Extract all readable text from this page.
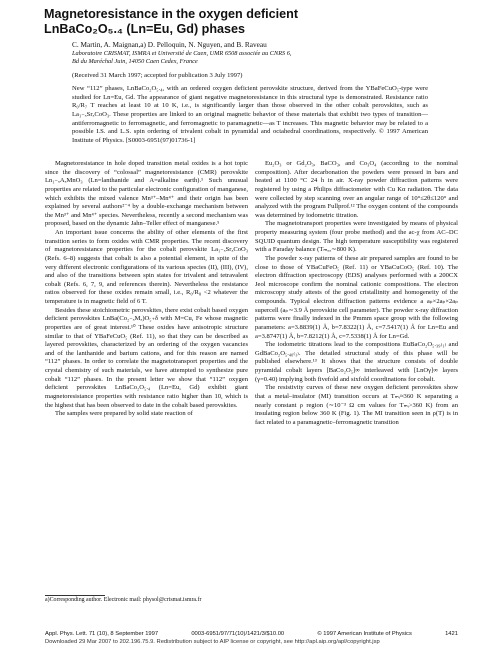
Magnetoresistance in the oxygen deficient
LnBaCo₂O₅.₄ (Ln=Eu, Gd) phases
C. Martin, A. Maignan,a) D. Pelloquin, N. Nguyen, and B. Raveau
Laboratoire CRISMAT, ISMRA et Université de Caen, UMR 6508 associée au CNRS 6,
Bd du Maréchal Juin, 14050 Caen Cedex, France
(Received 31 March 1997; accepted for publication 3 July 1997)

New “112” phases, LnBaCo₂O₅.₄, with an ordered oxygen deficient perovskite structure, derived from the YBaFeCuO₅-type were studied for Ln=Eu, Gd. The appearance of giant negative magnetoresistance in this structural type is demonstrated. Resistance ratio R₀/R₇ T reaches at least 10 at 10 K, i.e., is significantly larger than those observed in the other cobalt perovskites, such as La₁₋ₓSrₓCoO₃. These properties are linked to an original magnetic behavior of these materials that exhibit two types of transition—antiferromagnetic to ferromagnetic, and ferromagnetic to paramagnetic—as T increases. This magnetic behavior may be related to a possible I.S. and L.S. spin ordering of trivalent cobalt in pyramidal and octahedral coordinations, respectively. © 1997 American Institute of Physics. [S0003-6951(97)01736-1]

Magnetoresistance in hole doped transition metal oxides is a hot topic since the discovery of “colossal” magnetoresistance (CMR) perovskite Ln₁₋ₓAₓMnO₃ (Ln=lanthanide and A=alkaline earth).¹ Such unusual properties are related to the particular electronic configuration of manganese, which exhibits the mixed valence Mn³⁺–Mn⁴⁺ and their origin has been explained by several authors²⁻⁴ by a double-exchange mechanism between the Mn³⁺ and Mn⁴⁺ species. Nevertheless, recently a second mechanism was proposed, based on the dynamic Jahn–Teller effect of manganese.⁵

An important issue concerns the ability of other elements of the first transition series to form oxides with CMR properties. The recent discovery of magnetoresistance properties for the cobalt perovskite La₁₋ₓSrₓCoO₃ (Refs. 6–8) suggests that cobalt is also a potential element, in spite of the very different electronic configurations of its various species (II), (III), (IV), and also of the transitions between spin states for trivalent and tetravalent cobalt (Refs. 6, 7, 9, and references therein). Nevertheless the resistance ratios observed for these oxides remain small, i.e., R₀/R₈ <2 whatever the temperature is in magnetic field of 6 T.

Besides these stoichiometric perovskites, there exist cobalt based oxygen deficient perovskites LnBa(Co₂₋ₓMₓ)O₅₊δ with M=Cu, Fe whose magnetic properties are of great interest.¹⁰ These oxides have anisotropic structure similar to that of YBaFeCuO₅ (Ref. 11), so that they can be described as layered perovskites, characterized by an ordering of the oxygen vacancies and of the lanthanide and barium cations, and for this reason are named “112” phases. In order to correlate the magnetotransport properties and the crystal chemistry of such materials, we have attempted to synthesize pure cobalt “112” phases. In the present letter we show that “112” oxygen deficient perovskites LnBaCo₂O₅.₄ (Ln=Eu, Gd) exhibit giant magnetoresistance properties with resistance ratio higher than 10, which is the highest that has been observed to date in the cobalt based perovskites.

The samples were prepared by solid state reaction of

Eu₂O₃ or Gd₂O₃, BaCO₃, and Co₃O₄ (according to the nominal composition). After decarbonation the powders were pressed in bars and heated at 1100 °C 24 h in air. X-ray powder diffraction patterns were registered by using a Philips diffractometer with Cu Kα radiation. The data were collected by step scanning over an angular range of 10°≤2θ≤120° and analyzed with the program Fullprof.¹² The oxygen content of the compounds was determined by iodometric titration.

The magnetotransport properties were investigated by means of physical property measuring system (four probe method) and the ac-χ from AC–DC SQUID quantum design. The high temperature susceptibility was registered with a Faraday balance (Tₘₐₓ∼800 K).

The powder x-ray patterns of these air prepared samples are found to be close to those of YBaCuFeO₅ (Ref. 11) or YBaCuCoO₅ (Ref. 10). The electron diffraction spectroscopy (EDS) analyses performed with a 200CX Jeol microscope confirm the nominal cationic compositions. The electron microscopy study attests of the good cristallinity and homogeneity of the compounds. Typical electron diffraction patterns evidence a aₚ×2aₚ×2aₚ supercell (aₚ∼3.9 Å perovskite cell parameter). The powder x-ray diffraction patterns were finally indexed in the Pmmm space group with the following parameters: a=3.8839(1) Å, b=7.8322(1) Å, c=7.5417(1) Å for Ln=Eu and a=3.8747(1) Å, b=7.8212(1) Å, c=7.5338(1) Å for Ln=Gd.

The iodometric titrations lead to the compositions EuBaCo₂O₅.₃₉₍₁₎ and GdBaCo₂O₅.₄₀₍₁₎. The detailed structural study of this phase will be published elsewhere.¹³ It shows that the structure consists of double pyramidal cobalt layers [BaCo₂O₅]∞ interleaved with [LnOγ]∞ layers (γ=0.40) implying both fivefold and sixfold coordinations for cobalt.

The resistivity curves of these new oxygen deficient perovskites show that a metal–insulator (MI) transition occurs at Tₘᵢ≈360 K separating a nearly constant ρ region (∼10⁻³ Ω cm values for Tₘᵢ>360 K) from an insulating region below 360 K (Fig. 1). The MI transition seen in ρ(T) is in fact related to a paramagnetic–ferromagnetic transition

a)Corresponding author. Electronic mail: physol@crismat.ismra.fr
Appl. Phys. Lett. 71 (10), 8 September 1997	0003-6951/97/71(10)/1421/3/$10.00	© 1997 American Institute of Physics	1421
Downloaded 29 Mar 2007 to 202.196.75.9. Redistribution subject to AIP license or copyright, see http://apl.aip.org/apl/copyright.jsp
